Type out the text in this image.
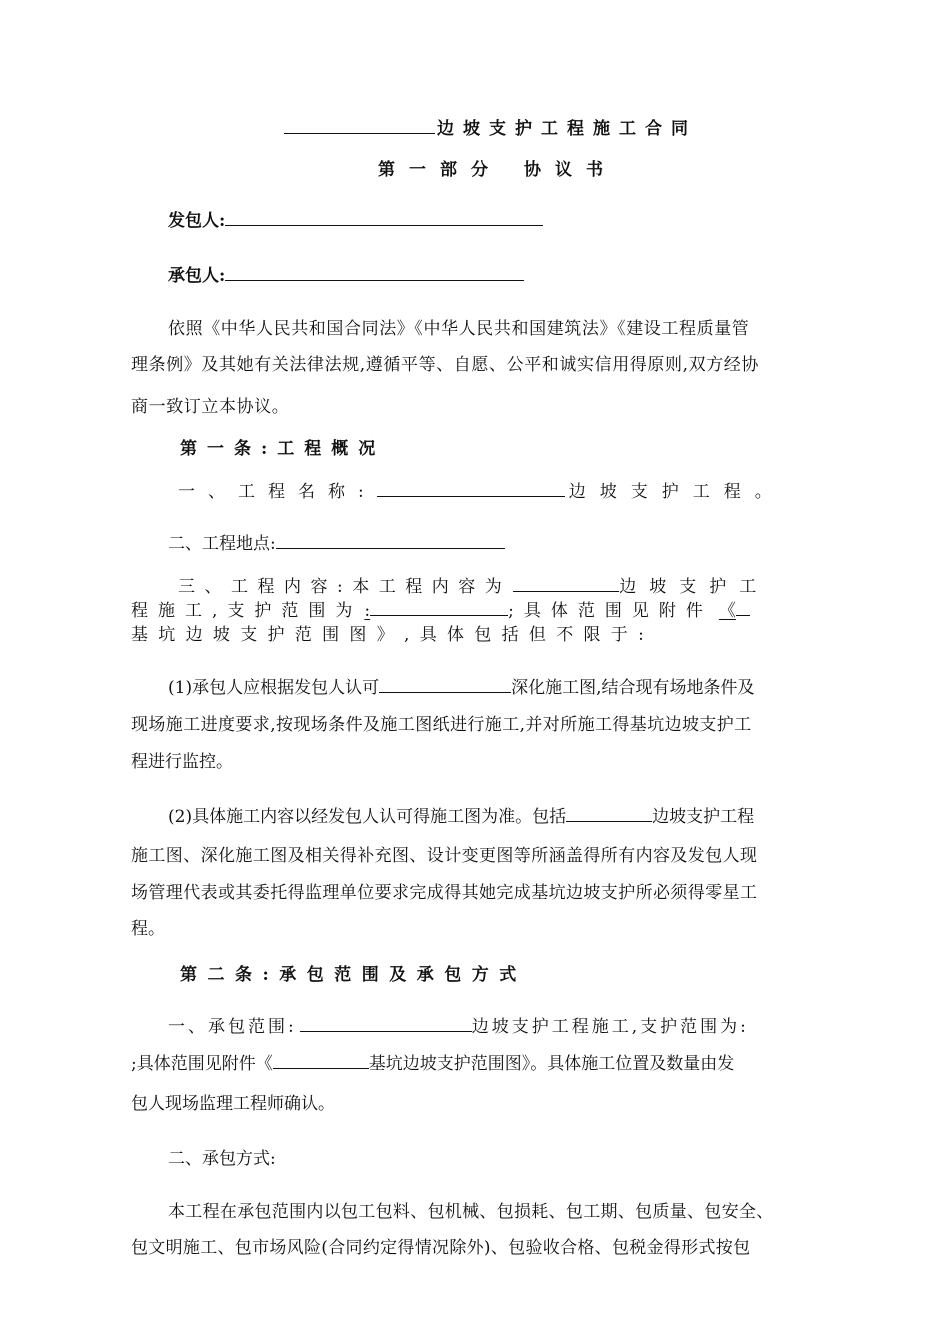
边坡支护工程施工合同
第一部分 协议书
发包人:
承包人:
依照《中华人民共和国合同法》《中华人民共和国建筑法》《建设工程质量管
理条例》及其她有关法律法规,遵循平等、自愿、公平和诚实信用得原则,双方经协
商一致订立本协议。
第一条:工程概况
一、工程名称:	边坡支护工程。
二、工程地点:
三、工程内容:本工程内容为	边坡支护工
程施工,支护范围为 :	;具体范围见附件 《
基坑边坡支护范围图》,具体包括但不限于:
(1)承包人应根据发包人认可	深化施工图,结合现有场地条件及
现场施工进度要求,按现场条件及施工图纸进行施工,并对所施工得基坑边坡支护工
程进行监控。
(2)具体施工内容以经发包人认可得施工图为准。包括	边坡支护工程
施工图、深化施工图及相关得补充图、设计变更图等所涵盖得所有内容及发包人现
场管理代表或其委托得监理单位要求完成得其她完成基坑边坡支护所必须得零星工
程。
第二条:承包范围及承包方式
一、承包范围:	边坡支护工程施工,支护范围为:
;具体范围见附件《	基坑边坡支护范围图》。具体施工位置及数量由发
包人现场监理工程师确认。
二、承包方式:
本工程在承包范围内以包工包料、包机械、包损耗、包工期、包质量、包安全、
包文明施工、包市场风险(合同约定得情况除外)、包验收合格、包税金得形式按包
